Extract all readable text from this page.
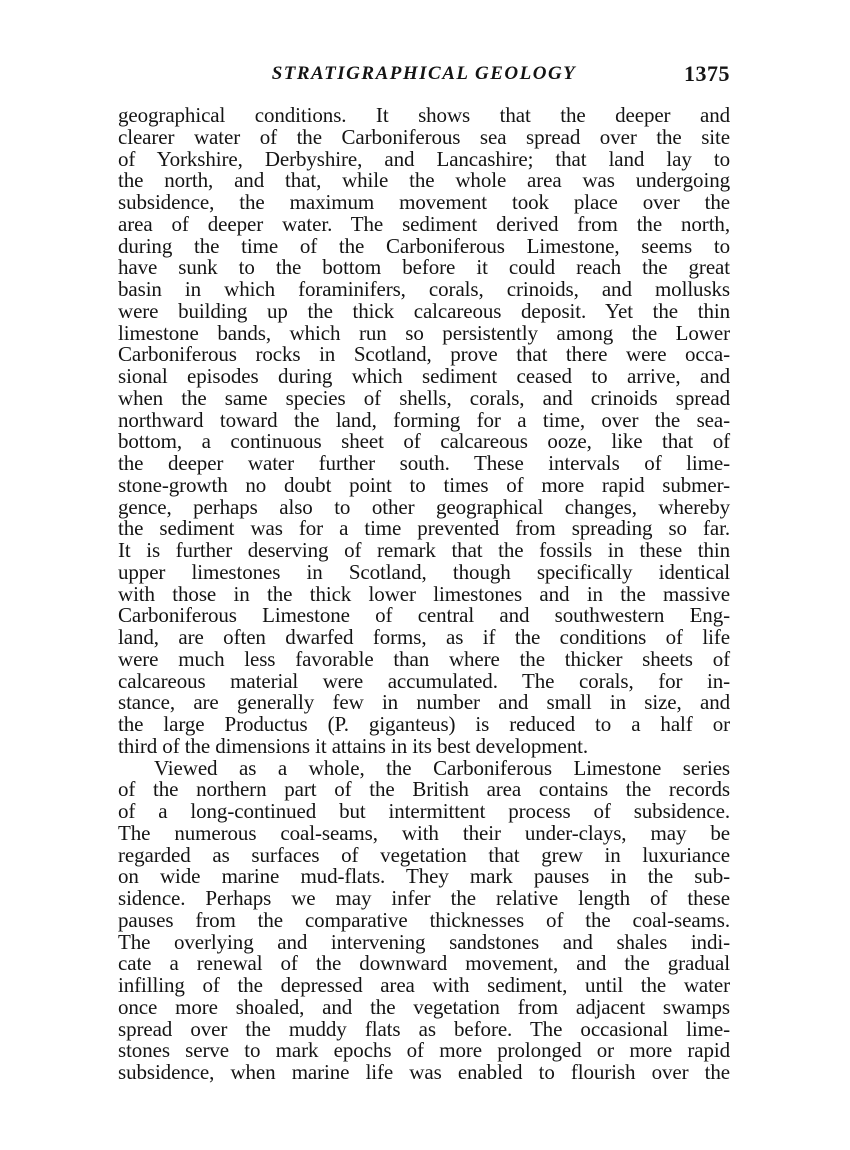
STRATIGRAPHICAL GEOLOGY	1375
geographical conditions. It shows that the deeper and
clearer water of the Carboniferous sea spread over the site
of Yorkshire, Derbyshire, and Lancashire; that land lay to
the north, and that, while the whole area was undergoing
subsidence, the maximum movement took place over the
area of deeper water. The sediment derived from the north,
during the time of the Carboniferous Limestone, seems to
have sunk to the bottom before it could reach the great
basin in which foraminifers, corals, crinoids, and mollusks
were building up the thick calcareous deposit. Yet the thin
limestone bands, which run so persistently among the Lower
Carboniferous rocks in Scotland, prove that there were occa-
sional episodes during which sediment ceased to arrive, and
when the same species of shells, corals, and crinoids spread
northward toward the land, forming for a time, over the sea-
bottom, a continuous sheet of calcareous ooze, like that of
the deeper water further south. These intervals of lime-
stone-growth no doubt point to times of more rapid submer-
gence, perhaps also to other geographical changes, whereby
the sediment was for a time prevented from spreading so far.
It is further deserving of remark that the fossils in these thin
upper limestones in Scotland, though specifically identical
with those in the thick lower limestones and in the massive
Carboniferous Limestone of central and southwestern Eng-
land, are often dwarfed forms, as if the conditions of life
were much less favorable than where the thicker sheets of
calcareous material were accumulated. The corals, for in-
stance, are generally few in number and small in size, and
the large Productus (P. giganteus) is reduced to a half or
third of the dimensions it attains in its best development.
Viewed as a whole, the Carboniferous Limestone series
of the northern part of the British area contains the records
of a long-continued but intermittent process of subsidence.
The numerous coal-seams, with their under-clays, may be
regarded as surfaces of vegetation that grew in luxuriance
on wide marine mud-flats. They mark pauses in the sub-
sidence. Perhaps we may infer the relative length of these
pauses from the comparative thicknesses of the coal-seams.
The overlying and intervening sandstones and shales indi-
cate a renewal of the downward movement, and the gradual
infilling of the depressed area with sediment, until the water
once more shoaled, and the vegetation from adjacent swamps
spread over the muddy flats as before. The occasional lime-
stones serve to mark epochs of more prolonged or more rapid
subsidence, when marine life was enabled to flourish over the
